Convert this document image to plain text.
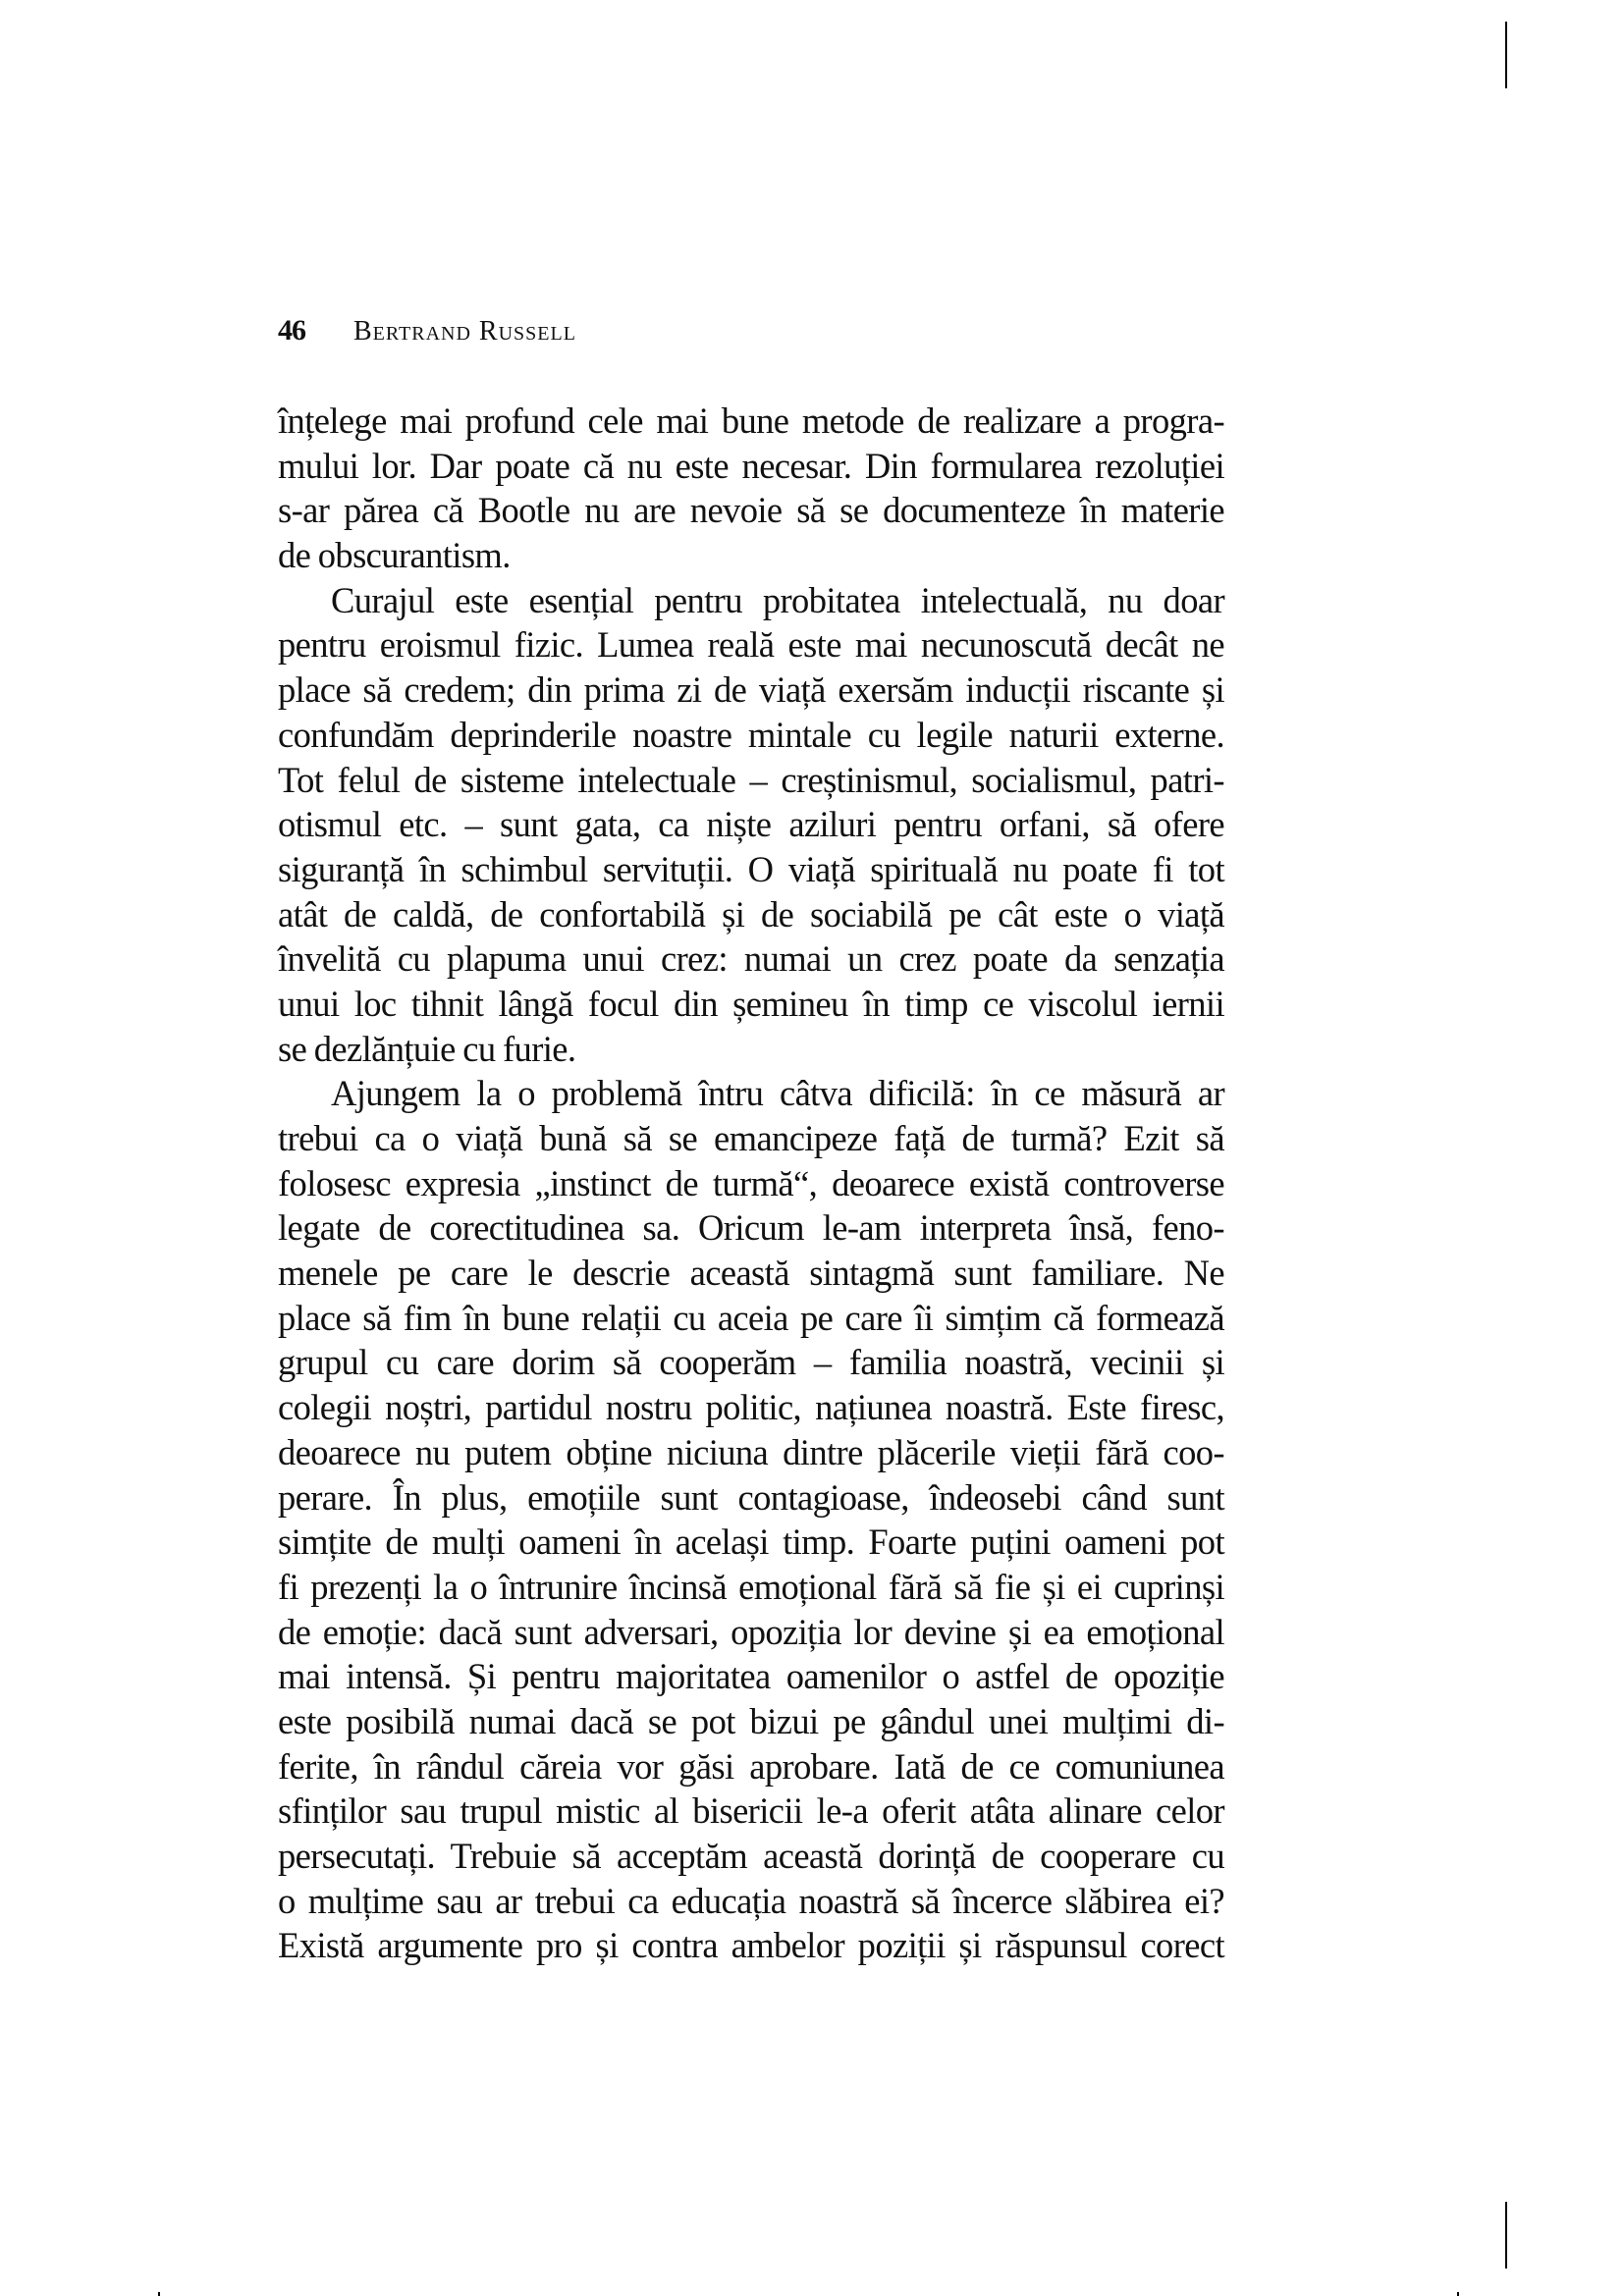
46 Bertrand Russell
înțelege mai profund cele mai bune metode de realizare a progra-
mului lor. Dar poate că nu este necesar. Din formularea rezoluției
s-ar părea că Bootle nu are nevoie să se documenteze în materie
de obscurantism.
Curajul este esențial pentru probitatea intelectuală, nu doar
pentru eroismul fizic. Lumea reală este mai necunoscută decât ne
place să credem; din prima zi de viață exersăm inducții riscante și
confundăm deprinderile noastre mintale cu legile naturii externe.
Tot felul de sisteme intelectuale – creștinismul, socialismul, patri-
otismul etc. – sunt gata, ca niște aziluri pentru orfani, să ofere
siguranță în schimbul servituții. O viață spirituală nu poate fi tot
atât de caldă, de confortabilă și de sociabilă pe cât este o viață
învelită cu plapuma unui crez: numai un crez poate da senzația
unui loc tihnit lângă focul din șemineu în timp ce viscolul iernii
se dezlănțuie cu furie.
Ajungem la o problemă întru câtva dificilă: în ce măsură ar
trebui ca o viață bună să se emancipeze față de turmă? Ezit să
folosesc expresia „instinct de turmă“, deoarece există controverse
legate de corectitudinea sa. Oricum le-am interpreta însă, feno-
menele pe care le descrie această sintagmă sunt familiare. Ne
place să fim în bune relații cu aceia pe care îi simțim că formează
grupul cu care dorim să cooperăm – familia noastră, vecinii și
colegii noștri, partidul nostru politic, națiunea noastră. Este firesc,
deoarece nu putem obține niciuna dintre plăcerile vieții fără coo-
perare. În plus, emoțiile sunt contagioase, îndeosebi când sunt
simțite de mulți oameni în același timp. Foarte puțini oameni pot
fi prezenți la o întrunire încinsă emoțional fără să fie și ei cuprinși
de emoție: dacă sunt adversari, opoziția lor devine și ea emoțional
mai intensă. Și pentru majoritatea oamenilor o astfel de opoziție
este posibilă numai dacă se pot bizui pe gândul unei mulțimi di-
ferite, în rândul căreia vor găsi aprobare. Iată de ce comuniunea
sfinților sau trupul mistic al bisericii le-a oferit atâta alinare celor
persecutați. Trebuie să acceptăm această dorință de cooperare cu
o mulțime sau ar trebui ca educația noastră să încerce slăbirea ei?
Există argumente pro și contra ambelor poziții și răspunsul corect
